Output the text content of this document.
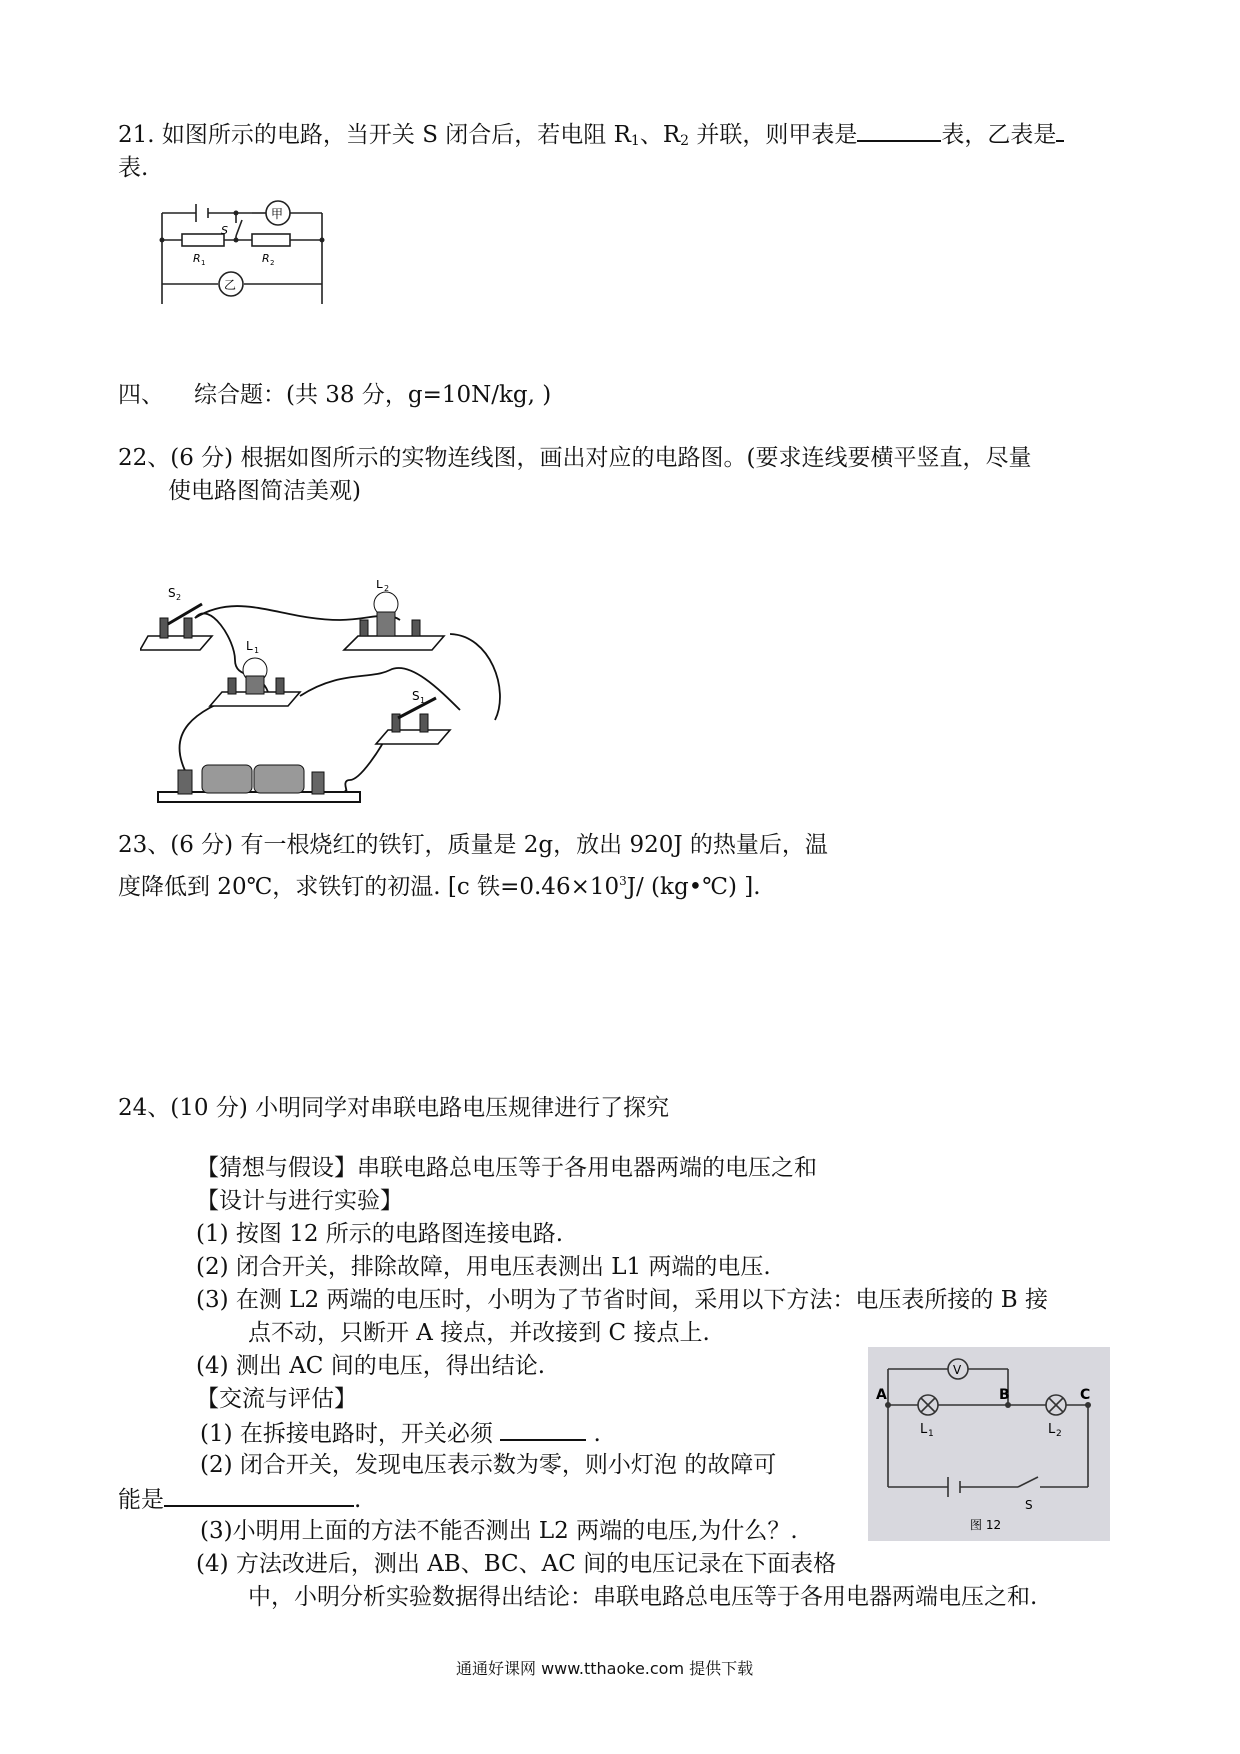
21. 如图所示的电路，当开关 S 闭合后，若电阻 $R_1$、$R_2$ 并联，则甲表是	表，乙表是
表.
S
R 1	R 2
甲
乙
四、 综合题：(共 38 分，g=10N/kg, )
22、(6 分) 根据如图所示的实物连线图，画出对应的电路图。(要求连线要横平竖直，尽量
使电路图简洁美观)
S 2
L 1
L 2
S 1
23、(6 分) 有一根烧红的铁钉，质量是 2g，放出 920J 的热量后，温
度降低到 20℃，求铁钉的初温. [c 铁$=0.46\times 10^3J/$ (kg•℃) ].
24、(10 分) 小明同学对串联电路电压规律进行了探究
【猜想与假设】串联电路总电压等于各用电器两端的电压之和
【设计与进行实验】
(1) 按图 12 所示的电路图连接电路.
(2) 闭合开关，排除故障，用电压表测出 L1 两端的电压.
(3) 在测 L2 两端的电压时，小明为了节省时间，采用以下方法：电压表所接的 B 接
点不动，只断开 A 接点，并改接到 C 接点上.
(4) 测出 AC 间的电压，得出结论.
【交流与评估】
(1) 在拆接电路时，开关必须	.
(2) 闭合开关，发现电压表示数为零，则小灯泡 的故障可
能是	.
(3)小明用上面的方法不能否测出 L2 两端的电压,为什么？.
(4) 方法改进后，测出 AB、BC、AC 间的电压记录在下面表格
中，小明分析实验数据得出结论：串联电路总电压等于各用电器两端电压之和.
A	B	C
V
L 1	L 2
S
图 12
通通好课网 www.tthaoke.com 提供下载
